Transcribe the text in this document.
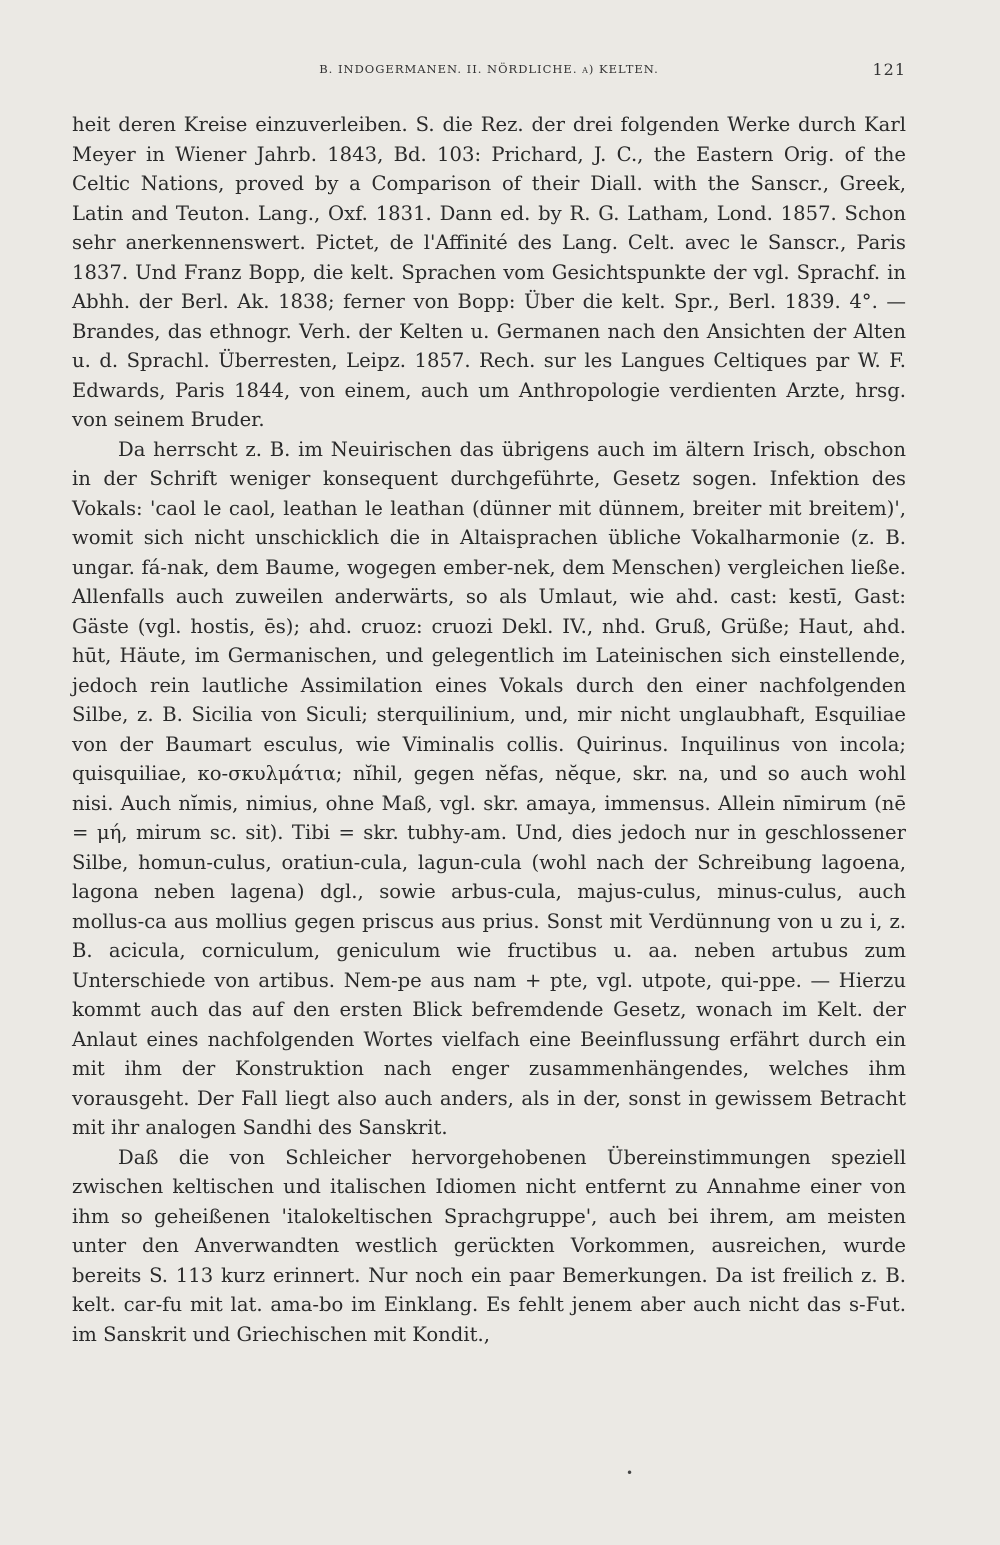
B. INDOGERMANEN. II. NÖRDLICHE. a) KELTEN.	121

heit deren Kreise einzuverleiben. S. die Rez. der drei folgenden Werke durch Karl Meyer in Wiener Jahrb. 1843, Bd. 103: Prichard, J. C., the Eastern Orig. of the Celtic Nations, proved by a Comparison of their Diall. with the Sanscr., Greek, Latin and Teuton. Lang., Oxf. 1831. Dann ed. by R. G. Latham, Lond. 1857. Schon sehr anerkennenswert. Pictet, de l'Affinité des Lang. Celt. avec le Sanscr., Paris 1837. Und Franz Bopp, die kelt. Sprachen vom Gesichtspunkte der vgl. Sprachf. in Abhh. der Berl. Ak. 1838; ferner von Bopp: Über die kelt. Spr., Berl. 1839. 4°. — Brandes, das ethnogr. Verh. der Kelten u. Germanen nach den Ansichten der Alten u. d. Sprachl. Überresten, Leipz. 1857. Rech. sur les Langues Celtiques par W. F. Edwards, Paris 1844, von einem, auch um Anthropologie verdienten Arzte, hrsg. von seinem Bruder.

Da herrscht z. B. im Neuirischen das übrigens auch im ältern Irisch, obschon in der Schrift weniger konsequent durchgeführte, Gesetz sogen. Infektion des Vokals: 'caol le caol, leathan le leathan (dünner mit dünnem, breiter mit breitem)', womit sich nicht unschicklich die in Altaisprachen übliche Vokalharmonie (z. B. ungar. fá-nak, dem Baume, wogegen ember-nek, dem Menschen) vergleichen ließe. Allenfalls auch zuweilen anderwärts, so als Umlaut, wie ahd. cast: kestī, Gast: Gäste (vgl. hostis, ēs); ahd. cruoz: cruozi Dekl. IV., nhd. Gruß, Grüße; Haut, ahd. hūt, Häute, im Germanischen, und gelegentlich im Lateinischen sich einstellende, jedoch rein lautliche Assimilation eines Vokals durch den einer nachfolgenden Silbe, z. B. Sicilia von Siculi; sterquilinium, und, mir nicht unglaubhaft, Esquiliae von der Baumart esculus, wie Viminalis collis. Quirinus. Inquilinus von incola; quisquiliae, κο-σκυλμάτια; nĭhil, gegen nĕfas, nĕque, skr. na, und so auch wohl nisi. Auch nĭmis, nimius, ohne Maß, vgl. skr. amaya, immensus. Allein nīmirum (nē = μή, mirum sc. sit). Tibi = skr. tubhy-am. Und, dies jedoch nur in geschlossener Silbe, homun-culus, oratiun-cula, lagun-cula (wohl nach der Schreibung lagoena, lagona neben lagena) dgl., sowie arbus-cula, majus-culus, minus-culus, auch mollus-ca aus mollius gegen priscus aus prius. Sonst mit Verdünnung von u zu i, z. B. acicula, corniculum, geniculum wie fructibus u. aa. neben artubus zum Unterschiede von artibus. Nem-pe aus nam + pte, vgl. utpote, qui-ppe. — Hierzu kommt auch das auf den ersten Blick befremdende Gesetz, wonach im Kelt. der Anlaut eines nachfolgenden Wortes vielfach eine Beeinflussung erfährt durch ein mit ihm der Konstruktion nach enger zusammenhängendes, welches ihm vorausgeht. Der Fall liegt also auch anders, als in der, sonst in gewissem Betracht mit ihr analogen Sandhi des Sanskrit.

Daß die von Schleicher hervorgehobenen Übereinstimmungen speziell zwischen keltischen und italischen Idiomen nicht entfernt zu Annahme einer von ihm so geheißenen 'italokeltischen Sprachgruppe', auch bei ihrem, am meisten unter den Anverwandten westlich gerückten Vorkommen, ausreichen, wurde bereits S. 113 kurz erinnert. Nur noch ein paar Bemerkungen. Da ist freilich z. B. kelt. car-fu mit lat. ama-bo im Einklang. Es fehlt jenem aber auch nicht das s-Fut. im Sanskrit und Griechischen mit Kondit.,

•
